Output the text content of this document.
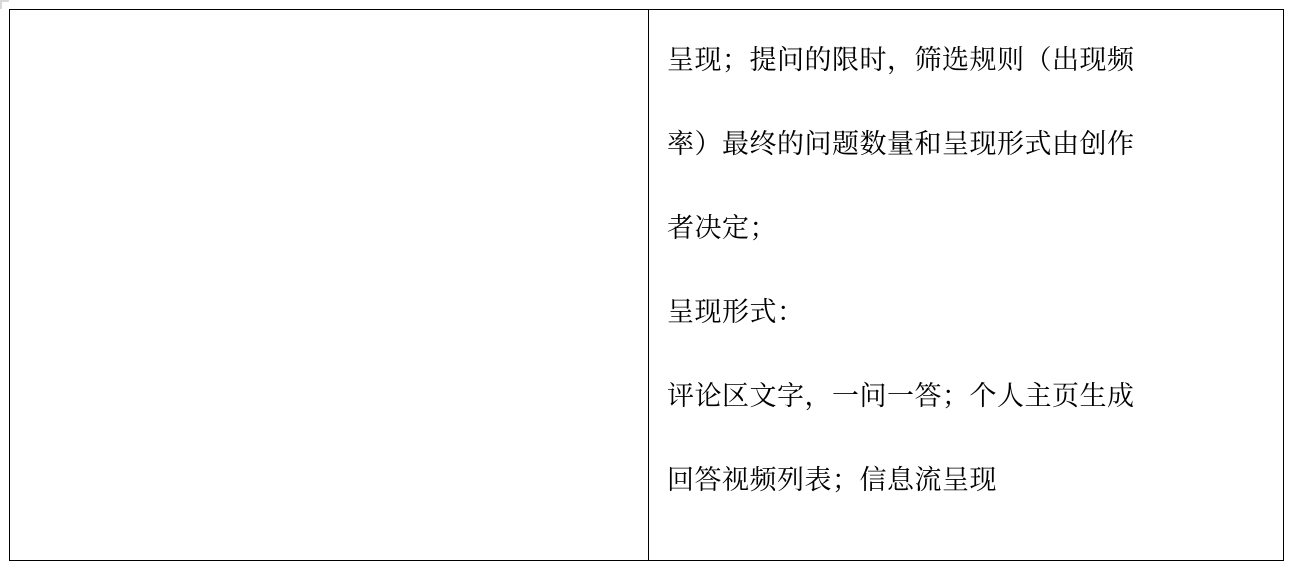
呈现；提问的限时，筛选规则（出现频
率）最终的问题数量和呈现形式由创作
者决定；
呈现形式：
评论区文字，一问一答；个人主页生成
回答视频列表；信息流呈现
